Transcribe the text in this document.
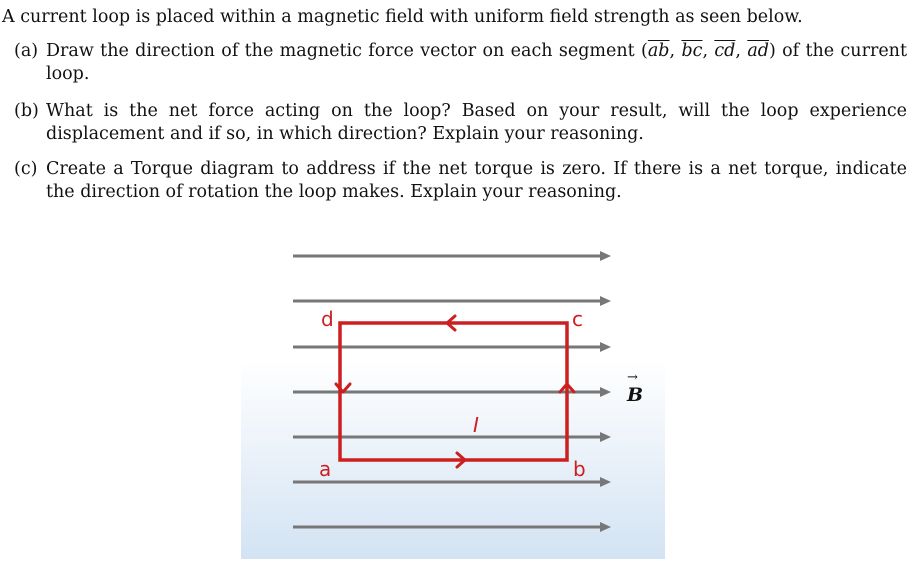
A current loop is placed within a magnetic field with uniform field strength as seen below.
(a) Draw the direction of the magnetic force vector on each segment ($\overline{ab}$, $\overline{bc}$, $\overline{cd}$, $\overline{ad}$) of the current loop.
(b) What is the net force acting on the loop? Based on your result, will the loop experience displacement and if so, in which direction? Explain your reasoning.
(c) Create a Torque diagram to address if the net torque is zero. If there is a net torque, indicate the direction of rotation the loop makes. Explain your reasoning.
d	c
a	b
I
B
→
